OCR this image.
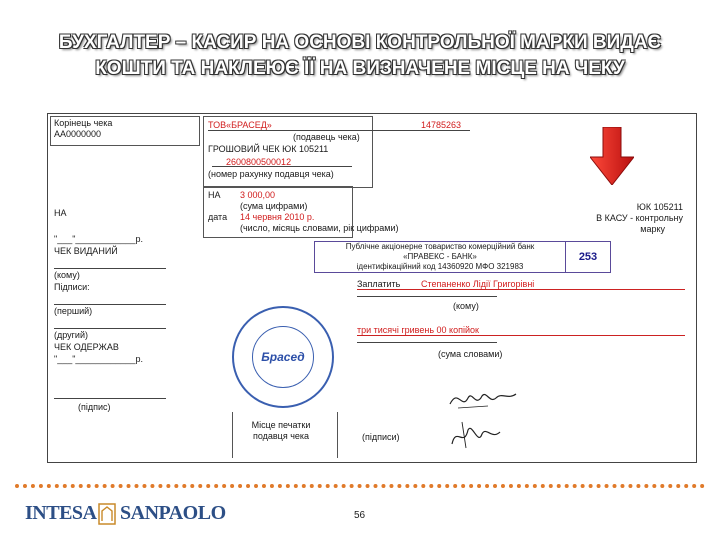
БУХГАЛТЕР – КАСИР НА ОСНОВІ КОНТРОЛЬНОЇ МАРКИ ВИДАЄ
КОШТИ ТА НАКЛЕЮЄ ЇЇ НА ВИЗНАЧЕНЕ МІСЦЕ НА ЧЕКУ
Корінець чека
АА0000000
НА
"___"____________р.
ЧЕК ВИДАНИЙ
(кому)
Підписи:
(перший)
(другий)
ЧЕК ОДЕРЖАВ
"___"____________р.
(підпис)
ТОВ«БРАСЕД»	14785263
(подавець чека)
ГРОШОВИЙ ЧЕК ЮК 105211
2600800500012
(номер рахунку подавця чека)
НА 3 000,00
(сума цифрами)
дата 14 червня 2010 р.
(число, місяць словами, рік цифрами)
ЮК 105211
В КАСУ - контрольну
марку
Публічне акціонерне товариство комерційний банк
«ПРАВЕКС - БАНК»
ідентифікаційний код 14360920 МФО 321983
253
Заплатить Степаненко Лідії Григорівні
(кому)
три тисячі гривень 00 копійок
(сума словами)
Брасед
Місце печатки
подавця чека	(підписи)
INTESA SANPAOLO	56
